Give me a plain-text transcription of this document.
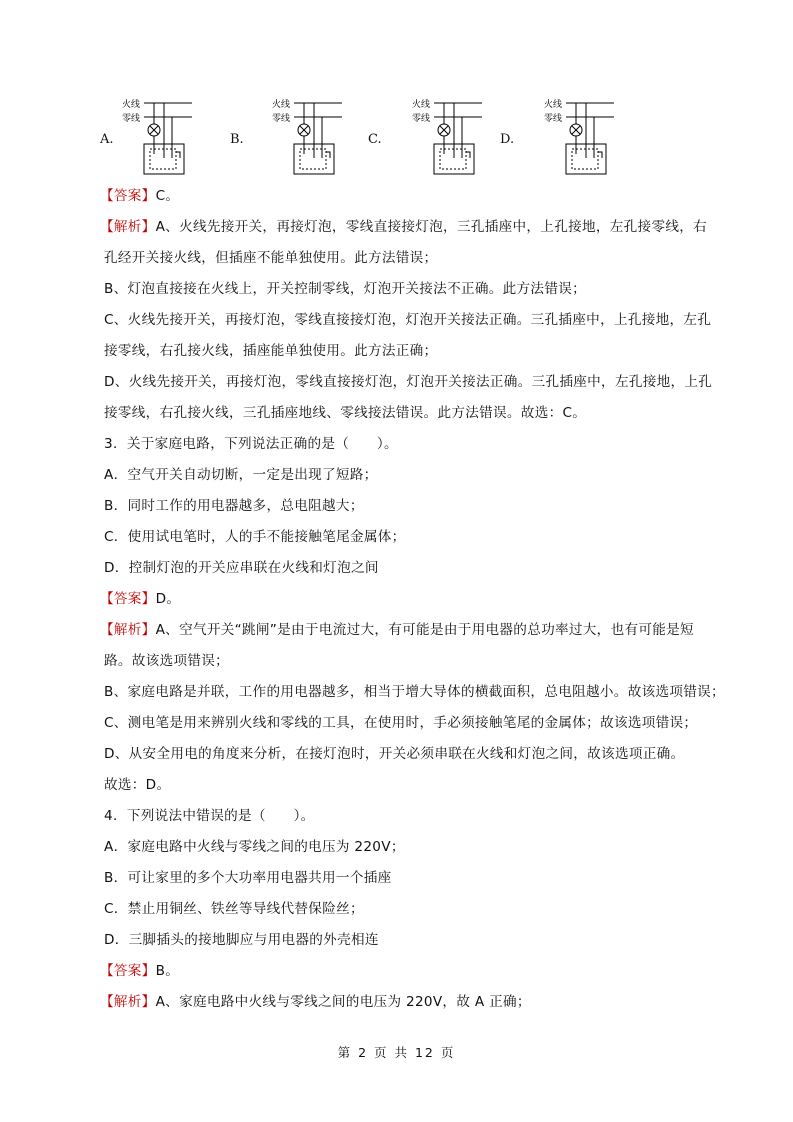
A.
火线
零线
B.
火线
零线
C.
火线
零线
D.
火线
零线
【答案】C。
【解析】A、火线先接开关，再接灯泡，零线直接接灯泡，三孔插座中，上孔接地，左孔接零线，右
孔经开关接火线，但插座不能单独使用。此方法错误；
B、灯泡直接接在火线上，开关控制零线，灯泡开关接法不正确。此方法错误；
C、火线先接开关，再接灯泡，零线直接接灯泡，灯泡开关接法正确。三孔插座中，上孔接地，左孔
接零线，右孔接火线，插座能单独使用。此方法正确；
D、火线先接开关，再接灯泡，零线直接接灯泡，灯泡开关接法正确。三孔插座中，左孔接地，上孔
接零线，右孔接火线，三孔插座地线、零线接法错误。此方法错误。故选：C。
3．关于家庭电路，下列说法正确的是（　　）。
A．空气开关自动切断，一定是出现了短路；
B．同时工作的用电器越多，总电阻越大；
C．使用试电笔时，人的手不能接触笔尾金属体；
D．控制灯泡的开关应串联在火线和灯泡之间
【答案】D。
【解析】A、空气开关“跳闸”是由于电流过大，有可能是由于用电器的总功率过大，也有可能是短
路。故该选项错误；
B、家庭电路是并联，工作的用电器越多，相当于增大导体的横截面积，总电阻越小。故该选项错误；
C、测电笔是用来辨别火线和零线的工具，在使用时，手必须接触笔尾的金属体；故该选项错误；
D、从安全用电的角度来分析，在接灯泡时，开关必须串联在火线和灯泡之间，故该选项正确。
故选：D。
4．下列说法中错误的是（　　）。
A．家庭电路中火线与零线之间的电压为 220V；
B．可让家里的多个大功率用电器共用一个插座
C．禁止用铜丝、铁丝等导线代替保险丝；
D．三脚插头的接地脚应与用电器的外壳相连
【答案】B。
【解析】A、家庭电路中火线与零线之间的电压为 220V，故 A 正确；
第 2 页 共 12 页
